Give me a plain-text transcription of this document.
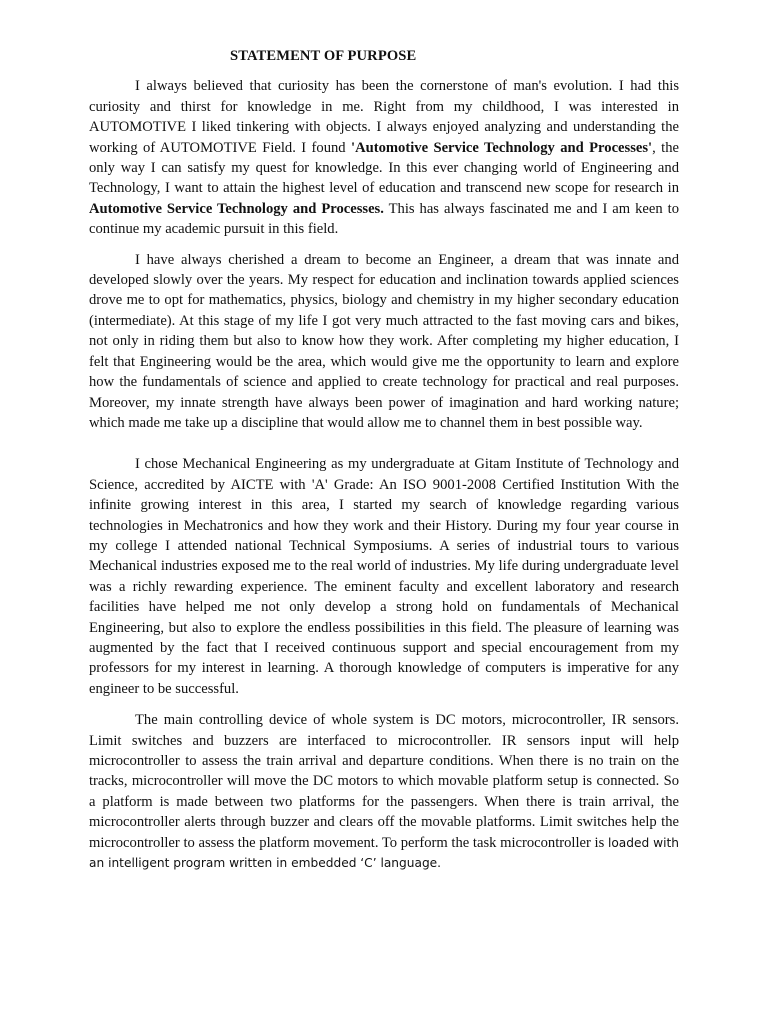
STATEMENT OF PURPOSE

I always believed that curiosity has been the cornerstone of man's evolution. I had this curiosity and thirst for knowledge in me. Right from my childhood, I was interested in AUTOMOTIVE I liked tinkering with objects. I always enjoyed analyzing and understanding the working of AUTOMOTIVE Field. I found 'Automotive Service Technology and Processes', the only way I can satisfy my quest for knowledge. In this ever changing world of Engineering and Technology, I want to attain the highest level of education and transcend new scope for research in Automotive Service Technology and Processes. This has always fascinated me and I am keen to continue my academic pursuit in this field.

I have always cherished a dream to become an Engineer, a dream that was innate and developed slowly over the years. My respect for education and inclination towards applied sciences drove me to opt for mathematics, physics, biology and chemistry in my higher secondary education (intermediate). At this stage of my life I got very much attracted to the fast moving cars and bikes, not only in riding them but also to know how they work. After completing my higher education, I felt that Engineering would be the area, which would give me the opportunity to learn and explore how the fundamentals of science and applied to create technology for practical and real purposes. Moreover, my innate strength have always been power of imagination and hard working nature; which made me take up a discipline that would allow me to channel them in best possible way.

I chose Mechanical Engineering as my undergraduate at Gitam Institute of Technology and Science, accredited by AICTE with 'A' Grade: An ISO 9001-2008 Certified Institution With the infinite growing interest in this area, I started my search of knowledge regarding various technologies in Mechatronics and how they work and their History. During my four year course in my college I attended national Technical Symposiums. A series of industrial tours to various Mechanical industries exposed me to the real world of industries. My life during undergraduate level was a richly rewarding experience. The eminent faculty and excellent laboratory and research facilities have helped me not only develop a strong hold on fundamentals of Mechanical Engineering, but also to explore the endless possibilities in this field. The pleasure of learning was augmented by the fact that I received continuous support and special encouragement from my professors for my interest in learning. A thorough knowledge of computers is imperative for any engineer to be successful.

The main controlling device of whole system is DC motors, microcontroller, IR sensors. Limit switches and buzzers are interfaced to microcontroller. IR sensors input will help microcontroller to assess the train arrival and departure conditions. When there is no train on the tracks, microcontroller will move the DC motors to which movable platform setup is connected. So a platform is made between two platforms for the passengers. When there is train arrival, the microcontroller alerts through buzzer and clears off the movable platforms. Limit switches help the microcontroller to assess the platform movement. To perform the task microcontroller is loaded with an intelligent program written in embedded ‘C’ language.
